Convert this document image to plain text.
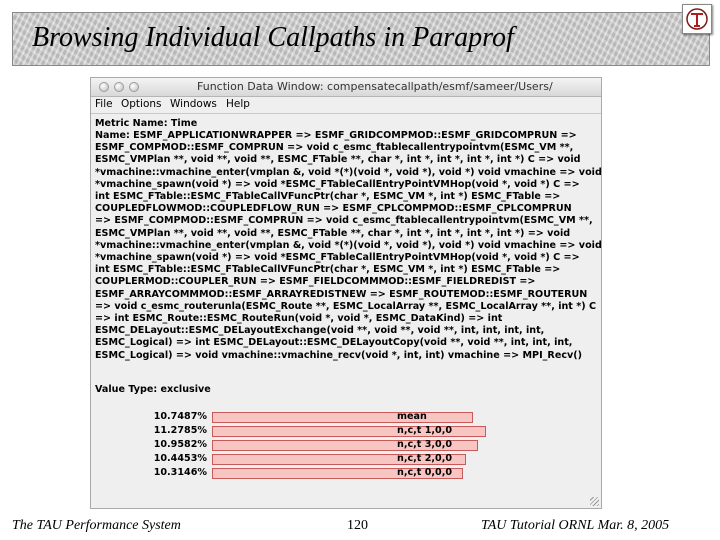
Browsing Individual Callpaths in Paraprof
Function Data Window: compensatecallpath/esmf/sameer/Users/
File Options Windows Help
Metric Name: Time
Name: ESMF_APPLICATIONWRAPPER => ESMF_GRIDCOMPMOD::ESMF_GRIDCOMPRUN =>
ESMF_COMPMOD::ESMF_COMPRUN => void c_esmc_ftablecallentrypointvm(ESMC_VM **,
ESMC_VMPlan **, void **, void **, ESMC_FTable **, char *, int *, int *, int *, int *) C => void
*vmachine::vmachine_enter(vmplan &, void *(*)(void *, void *), void *) void vmachine => void
*vmachine_spawn(void *) => void *ESMC_FTableCallEntryPointVMHop(void *, void *) C =>
int ESMC_FTable::ESMC_FTableCallVFuncPtr(char *, ESMC_VM *, int *) ESMC_FTable =>
COUPLEDFLOWMOD::COUPLEDFLOW_RUN => ESMF_CPLCOMPMOD::ESMF_CPLCOMPRUN
=> ESMF_COMPMOD::ESMF_COMPRUN => void c_esmc_ftablecallentrypointvm(ESMC_VM **,
ESMC_VMPlan **, void **, void **, ESMC_FTable **, char *, int *, int *, int *, int *) => void
*vmachine::vmachine_enter(vmplan &, void *(*)(void *, void *), void *) void vmachine => void
*vmachine_spawn(void *) => void *ESMC_FTableCallEntryPointVMHop(void *, void *) C =>
int ESMC_FTable::ESMC_FTableCallVFuncPtr(char *, ESMC_VM *, int *) ESMC_FTable =>
COUPLERMOD::COUPLER_RUN => ESMF_FIELDCOMMMOD::ESMF_FIELDREDIST =>
ESMF_ARRAYCOMMMOD::ESMF_ARRAYREDISTNEW => ESMF_ROUTEMOD::ESMF_ROUTERUN
=> void c_esmc_routerunla(ESMC_Route **, ESMC_LocalArray **, ESMC_LocalArray **, int *) C
=> int ESMC_Route::ESMC_RouteRun(void *, void *, ESMC_DataKind) => int
ESMC_DELayout::ESMC_DELayoutExchange(void **, void **, void **, int, int, int, int,
ESMC_Logical) => int ESMC_DELayout::ESMC_DELayoutCopy(void **, void **, int, int, int,
ESMC_Logical) => void vmachine::vmachine_recv(void *, int, int) vmachine => MPI_Recv()
Value Type: exclusive
10.7487%	mean
11.2785%	n,c,t 1,0,0
10.9582%	n,c,t 3,0,0
10.4453%	n,c,t 2,0,0
10.3146%	n,c,t 0,0,0
The TAU Performance System	120	TAU Tutorial ORNL Mar. 8, 2005
